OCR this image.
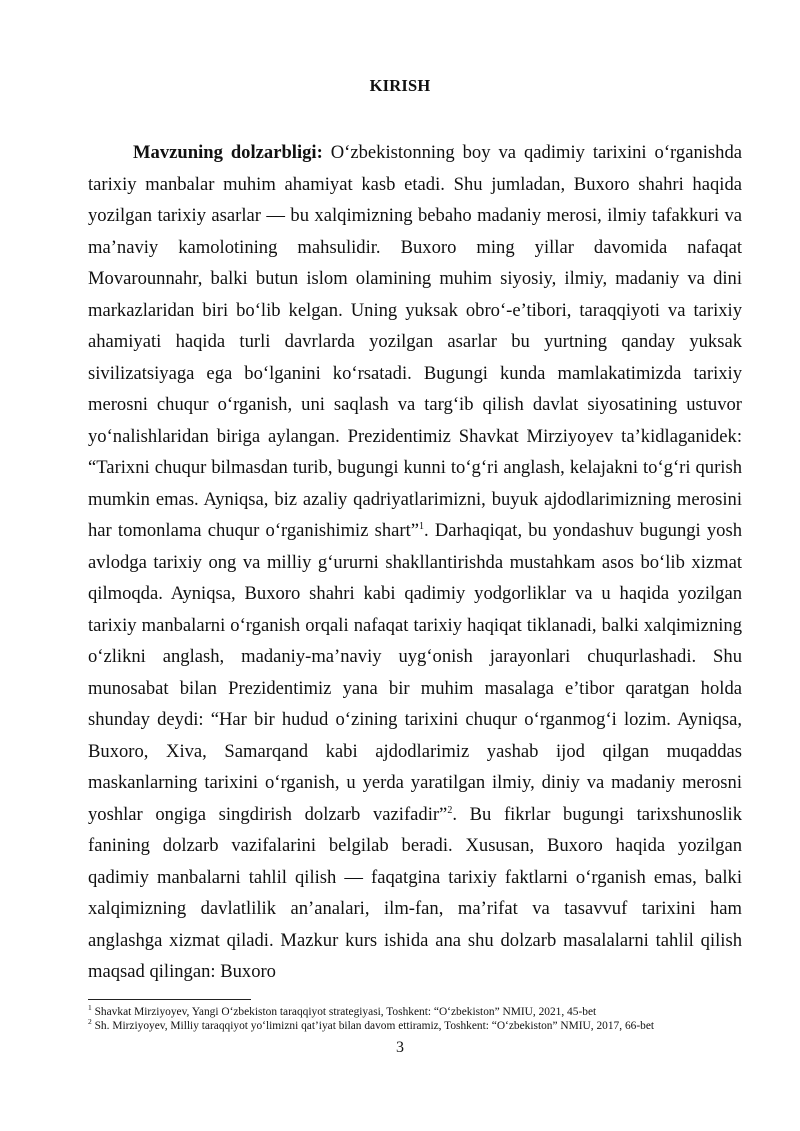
KIRISH

Mavzuning dolzarbligi: O‘zbekistonning boy va qadimiy tarixini o‘rganishda tarixiy manbalar muhim ahamiyat kasb etadi. Shu jumladan, Buxoro shahri haqida yozilgan tarixiy asarlar — bu xalqimizning bebaho madaniy merosi, ilmiy tafakkuri va ma’naviy kamolotining mahsulidir. Buxoro ming yillar davomida nafaqat Movarounnahr, balki butun islom olamining muhim siyosiy, ilmiy, madaniy va dini markazlaridan biri bo‘lib kelgan. Uning yuksak obro‘-e’tibori, taraqqiyoti va tarixiy ahamiyati haqida turli davrlarda yozilgan asarlar bu yurtning qanday yuksak sivilizatsiyaga ega bo‘lganini ko‘rsatadi. Bugungi kunda mamlakatimizda tarixiy merosni chuqur o‘rganish, uni saqlash va targ‘ib qilish davlat siyosatining ustuvor yo‘nalishlaridan biriga aylangan. Prezidentimiz Shavkat Mirziyoyev ta’kidlaganidek: “Tarixni chuqur bilmasdan turib, bugungi kunni to‘g‘ri anglash, kelajakni to‘g‘ri qurish mumkin emas. Ayniqsa, biz azaliy qadriyatlarimizni, buyuk ajdodlarimizning merosini har tomonlama chuqur o‘rganishimiz shart”$^1$. Darhaqiqat, bu yondashuv bugungi yosh avlodga tarixiy ong va milliy g‘ururni shakllantirishda mustahkam asos bo‘lib xizmat qilmoqda. Ayniqsa, Buxoro shahri kabi qadimiy yodgorliklar va u haqida yozilgan tarixiy manbalarni o‘rganish orqali nafaqat tarixiy haqiqat tiklanadi, balki xalqimizning o‘zlikni anglash, madaniy-ma’naviy uyg‘onish jarayonlari chuqurlashadi. Shu munosabat bilan Prezidentimiz yana bir muhim masalaga e’tibor qaratgan holda shunday deydi: “Har bir hudud o‘zining tarixini chuqur o‘rganmog‘i lozim. Ayniqsa, Buxoro, Xiva, Samarqand kabi ajdodlarimiz yashab ijod qilgan muqaddas maskanlarning tarixini o‘rganish, u yerda yaratilgan ilmiy, diniy va madaniy merosni yoshlar ongiga singdirish dolzarb vazifadir”$^2$. Bu fikrlar bugungi tarixshunoslik fanining dolzarb vazifalarini belgilab beradi. Xususan, Buxoro haqida yozilgan qadimiy manbalarni tahlil qilish — faqatgina tarixiy faktlarni o‘rganish emas, balki xalqimizning davlatlilik an’analari, ilm-fan, ma’rifat va tasavvuf tarixini ham anglashga xizmat qiladi. Mazkur kurs ishida ana shu dolzarb masalalarni tahlil qilish maqsad qilingan: Buxoro

$^1$ Shavkat Mirziyoyev, Yangi O‘zbekiston taraqqiyot strategiyasi, Toshkent: “O‘zbekiston” NMIU, 2021, 45-bet
$^2$ Sh. Mirziyoyev, Milliy taraqqiyot yo‘limizni qat’iyat bilan davom ettiramiz, Toshkent: “O‘zbekiston” NMIU, 2017, 66-bet
3
